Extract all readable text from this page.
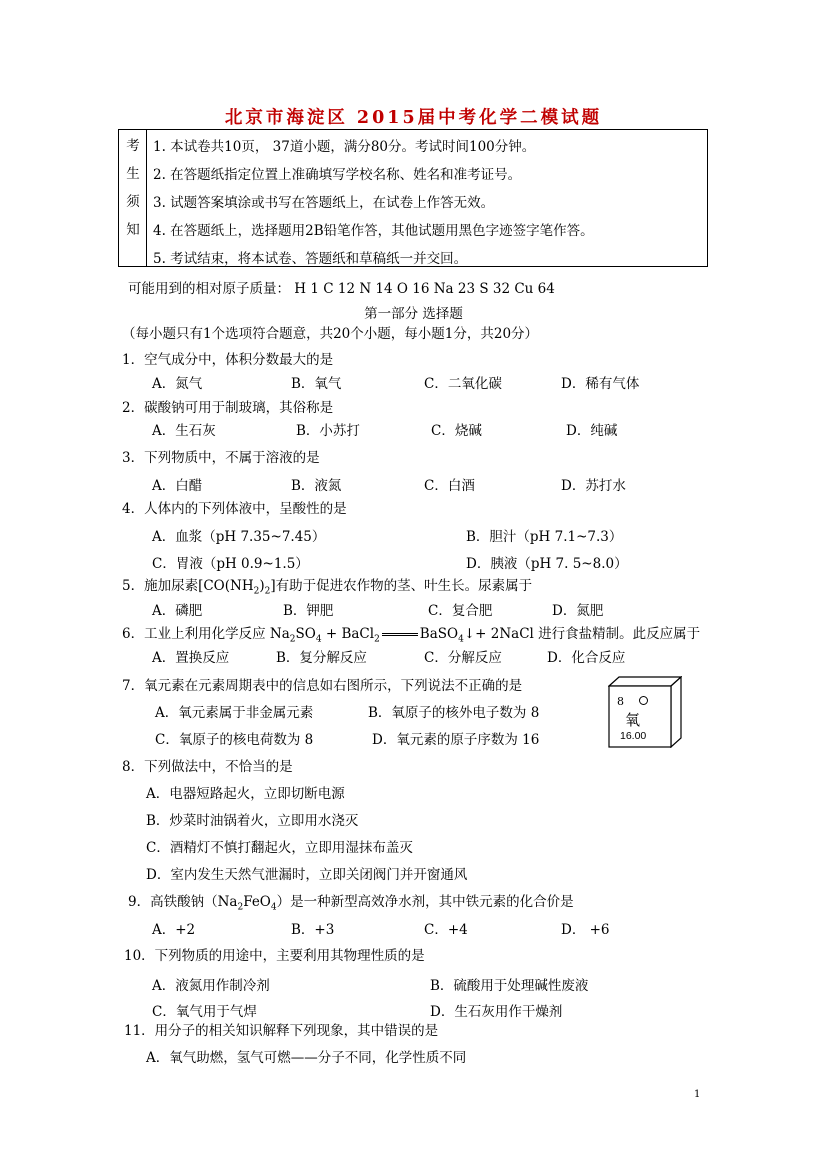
北京市海淀区 2015届中考化学二模试题
考
生
须
知
1. 本试卷共10页， 37道小题，满分80分。考试时间100分钟。
2. 在答题纸指定位置上准确填写学校名称、姓名和准考证号。
3. 试题答案填涂或书写在答题纸上，在试卷上作答无效。
4. 在答题纸上，选择题用2B铅笔作答，其他试题用黑色字迹签字笔作答。
5. 考试结束，将本试卷、答题纸和草稿纸一并交回。
可能用到的相对原子质量： H 1 C 12 N 14 O 16 Na 23 S 32 Cu 64
第一部分 选择题
（每小题只有1个选项符合题意，共20个小题，每小题1分，共20分）
1．空气成分中，体积分数最大的是
A．氮气	B．氧气	C．二氧化碳	D．稀有气体
2．碳酸钠可用于制玻璃，其俗称是
A．生石灰	B．小苏打	C．烧碱	D．纯碱
3．下列物质中，不属于溶液的是
A．白醋	B．液氮	C．白酒	D．苏打水
4．人体内的下列体液中，呈酸性的是
A．血浆（pH 7.35~7.45）	B．胆汁（pH 7.1~7.3）
C．胃液（pH 0.9~1.5）	D．胰液（pH 7. 5~8.0）
5．施加尿素$[CO(NH_2)_2]$有助于促进农作物的茎、叶生长。尿素属于
A．磷肥	B．钾肥	C．复合肥	D．氮肥
6．工业上利用化学反应 $Na_2SO_4$ + BaCl$_2$	BaSO$_4$↓+ 2NaCl 进行食盐精制。此反应属于
A．置换反应	B．复分解反应	C．分解反应	D．化合反应
7．氧元素在元素周期表中的信息如右图所示，下列说法不正确的是
A．氧元素属于非金属元素	B．氧原子的核外电子数为 8
C．氧原子的核电荷数为 8	D．氧元素的原子序数为 16
8
氧
16.00
8．下列做法中，不恰当的是
A．电器短路起火，立即切断电源
B．炒菜时油锅着火，立即用水浇灭
C．酒精灯不慎打翻起火，立即用湿抹布盖灭
D．室内发生天然气泄漏时，立即关闭阀门并开窗通风
9．高铁酸钠$(Na_2FeO_4)$是一种新型高效净水剂，其中铁元素的化合价是
A．+2	B．+3	C．+4	D． +6
10．下列物质的用途中，主要利用其物理性质的是
A．液氮用作制冷剂	B．硫酸用于处理碱性废液
C．氧气用于气焊	D．生石灰用作干燥剂
11．用分子的相关知识解释下列现象，其中错误的是
A．氧气助燃，氢气可燃——分子不同，化学性质不同
1
